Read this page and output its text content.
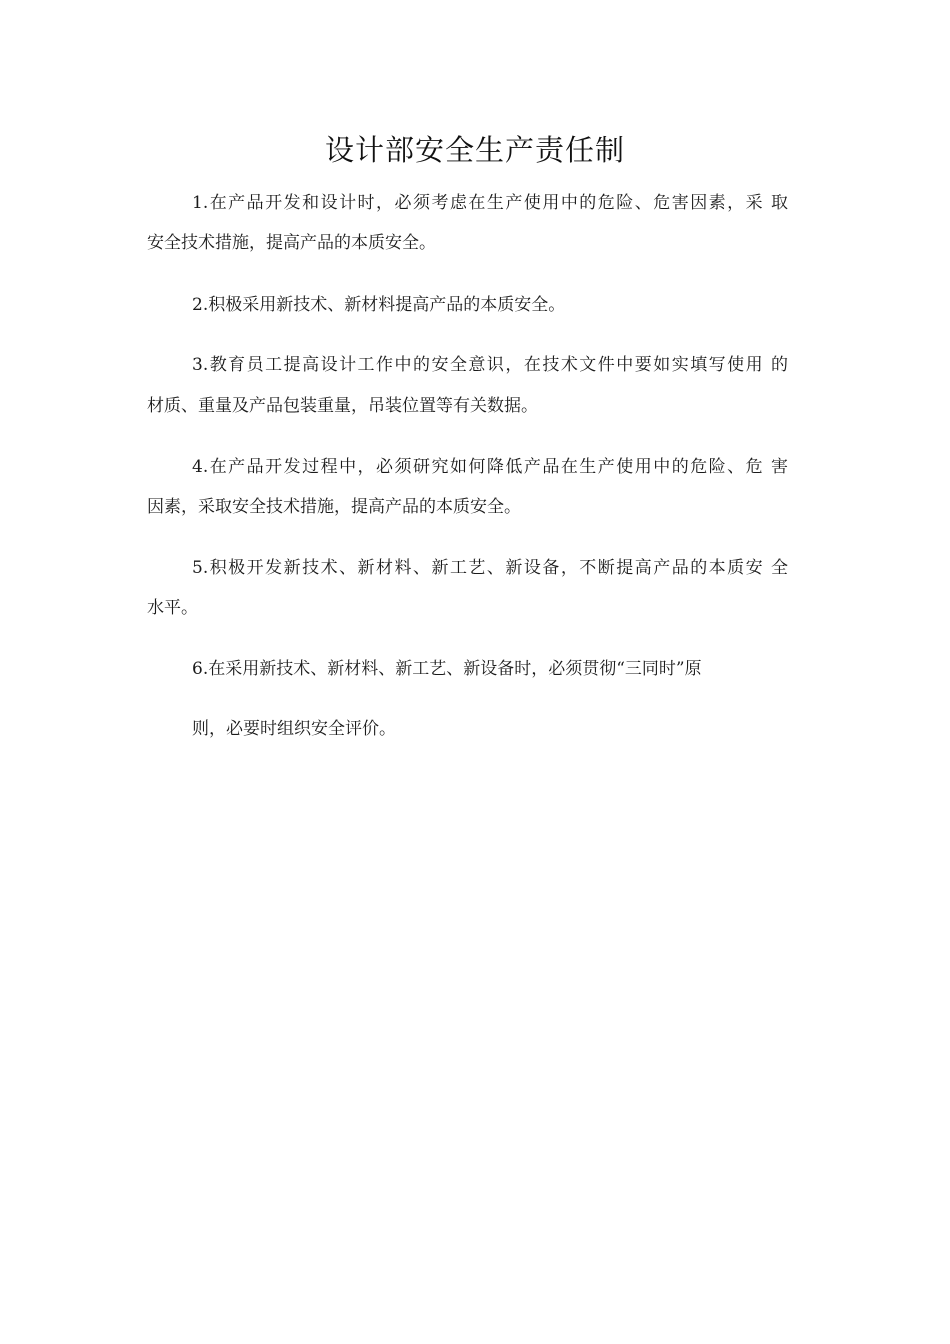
设计部安全生产责任制
1.在产品开发和设计时，必须考虑在生产使用中的危险、危害因素，采 取
安全技术措施，提高产品的本质安全。
2.积极采用新技术、新材料提高产品的本质安全。
3.教育员工提高设计工作中的安全意识，在技术文件中要如实填写使用 的
材质、重量及产品包装重量，吊装位置等有关数据。
4.在产品开发过程中，必须研究如何降低产品在生产使用中的危险、危 害
因素，采取安全技术措施，提高产品的本质安全。
5.积极开发新技术、新材料、新工艺、新设备，不断提高产品的本质安 全
水平。
6.在采用新技术、新材料、新工艺、新设备时，必须贯彻“三同时”原
则，必要时组织安全评价。
